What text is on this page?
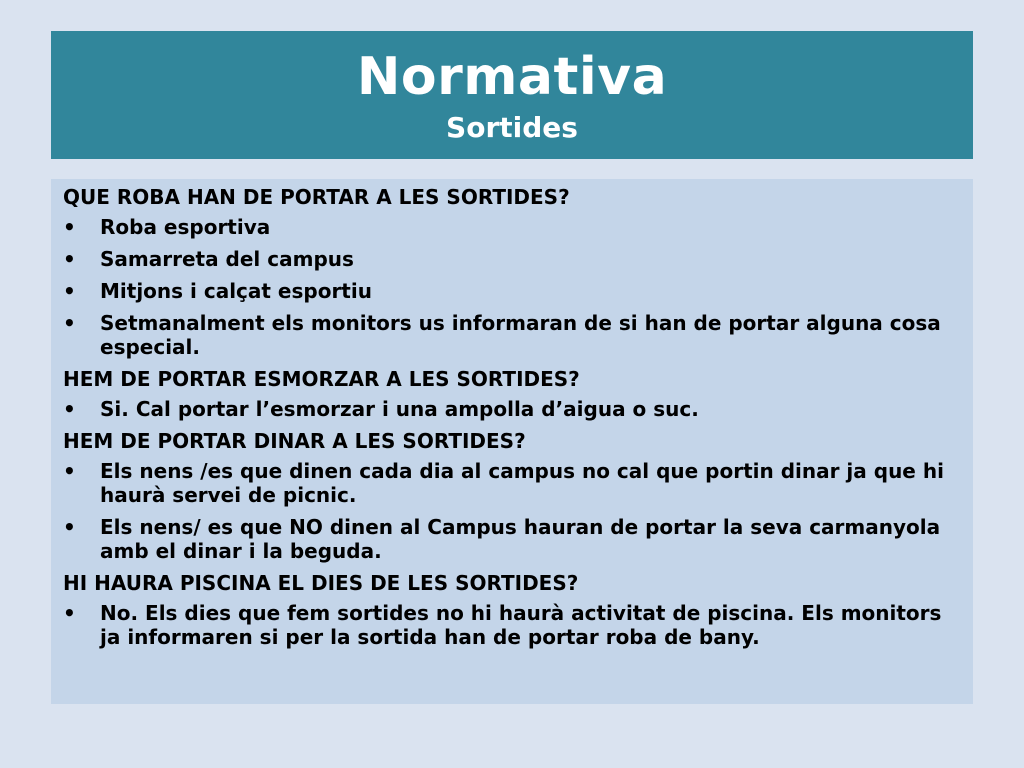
Normativa
Sortides
QUE ROBA HAN DE PORTAR A LES SORTIDES?
• Roba esportiva
• Samarreta del campus
• Mitjons i calçat esportiu
• Setmanalment els monitors us informaran de si han de portar alguna cosa especial.
HEM DE PORTAR ESMORZAR A LES SORTIDES?
• Si. Cal portar l’esmorzar i una ampolla d’aigua o suc.
HEM DE PORTAR DINAR A LES SORTIDES?
• Els nens /es que dinen cada dia al campus no cal que portin dinar ja que hi haurà servei de picnic.
• Els nens/ es que NO dinen al Campus hauran de portar la seva carmanyola amb el dinar i la beguda.
HI HAURA PISCINA EL DIES DE LES SORTIDES?
• No. Els dies que fem sortides no hi haurà activitat de piscina. Els monitors ja informaren si per la sortida han de portar roba de bany.
